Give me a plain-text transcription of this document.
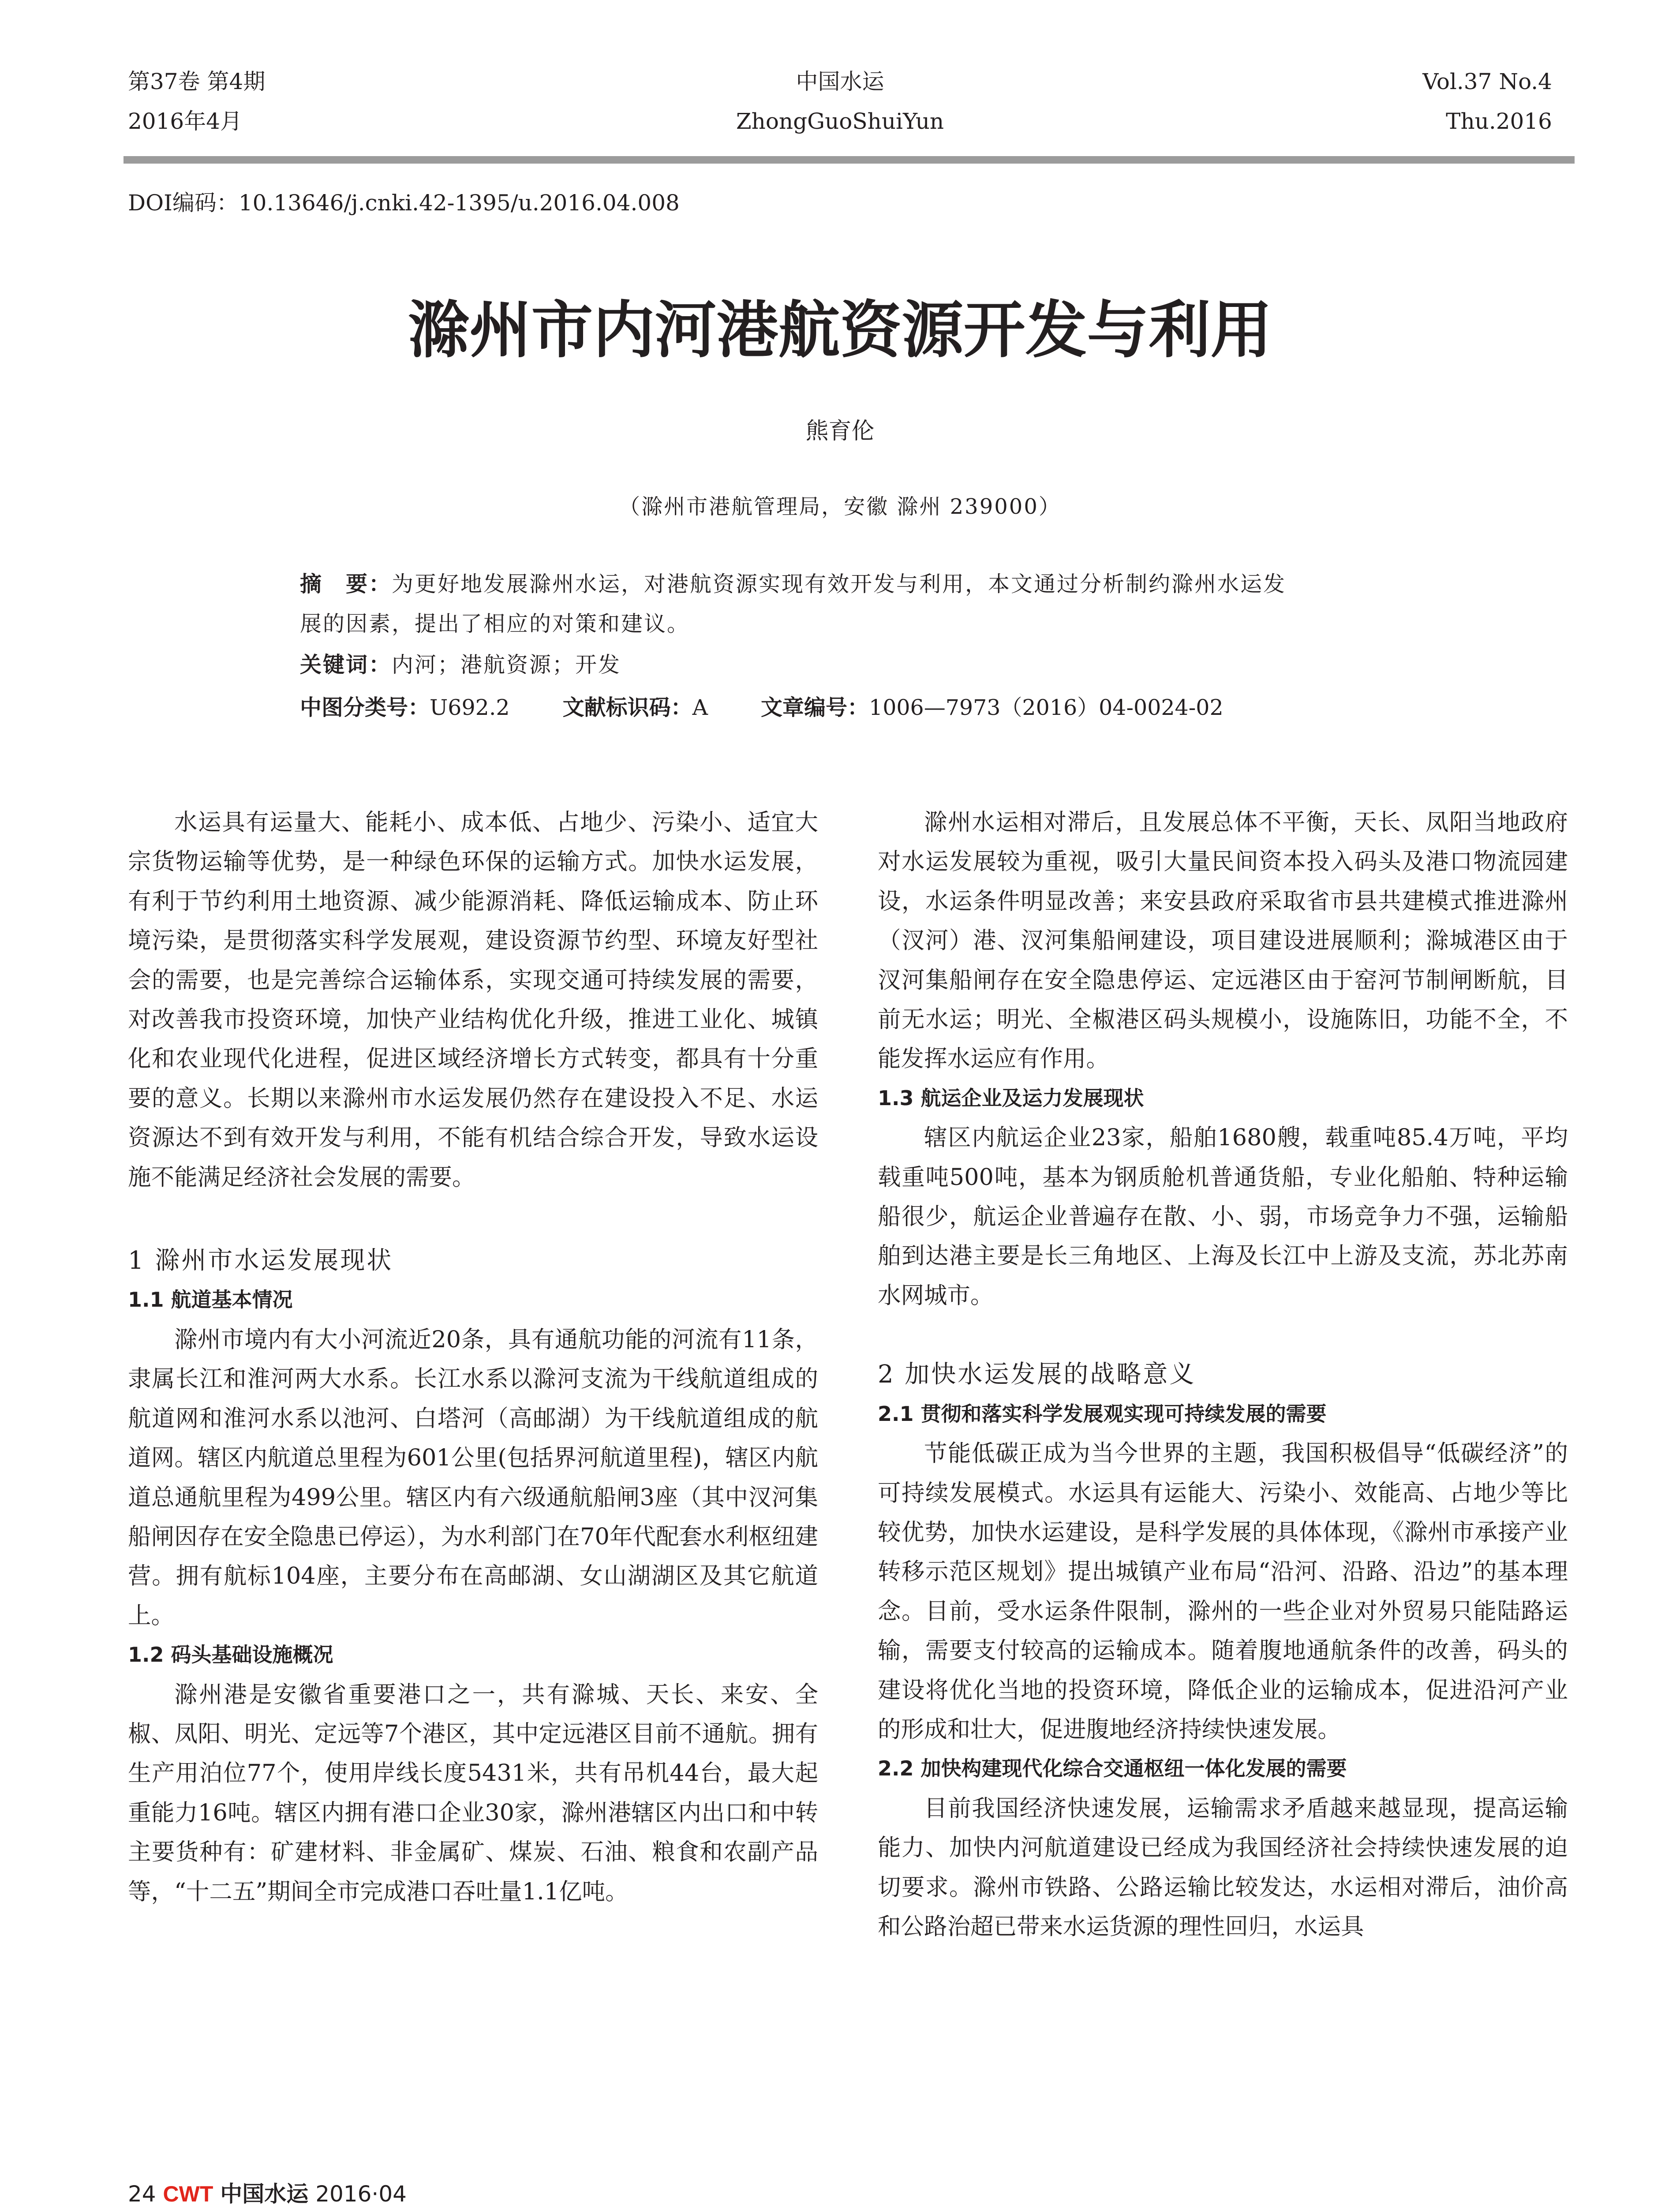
第37卷 第4期
2016年4月
中国水运
ZhongGuoShuiYun
Vol.37 No.4
Thu.2016
DOI编码：10.13646/j.cnki.42-1395/u.2016.04.008
滁州市内河港航资源开发与利用
熊育伦
（滁州市港航管理局，安徽 滁州 239000）
摘　要：为更好地发展滁州水运，对港航资源实现有效开发与利用，本文通过分析制约滁州水运发
展的因素，提出了相应的对策和建议。
关键词：内河；港航资源；开发
中图分类号：U692.2 文献标识码：A 文章编号：1006—7973（2016）04-0024-02

水运具有运量大、能耗小、成本低、占地少、污染小、适宜大宗货物运输等优势，是一种绿色环保的运输方式。加快水运发展，有利于节约利用土地资源、减少能源消耗、降低运输成本、防止环境污染，是贯彻落实科学发展观，建设资源节约型、环境友好型社会的需要，也是完善综合运输体系，实现交通可持续发展的需要，对改善我市投资环境，加快产业结构优化升级，推进工业化、城镇化和农业现代化进程，促进区域经济增长方式转变，都具有十分重要的意义。长期以来滁州市水运发展仍然存在建设投入不足、水运资源达不到有效开发与利用，不能有机结合综合开发，导致水运设施不能满足经济社会发展的需要。

1 滁州市水运发展现状
1.1 航道基本情况

滁州市境内有大小河流近20条，具有通航功能的河流有11条，隶属长江和淮河两大水系。长江水系以滁河支流为干线航道组成的航道网和淮河水系以池河、白塔河（高邮湖）为干线航道组成的航道网。辖区内航道总里程为601公里(包括界河航道里程)，辖区内航道总通航里程为499公里。辖区内有六级通航船闸3座（其中汊河集船闸因存在安全隐患已停运），为水利部门在70年代配套水利枢纽建营。拥有航标104座，主要分布在高邮湖、女山湖湖区及其它航道上。

1.2 码头基础设施概况

滁州港是安徽省重要港口之一，共有滁城、天长、来安、全椒、凤阳、明光、定远等7个港区，其中定远港区目前不通航。拥有生产用泊位77个，使用岸线长度5431米，共有吊机44台，最大起重能力16吨。辖区内拥有港口企业30家，滁州港辖区内出口和中转主要货种有：矿建材料、非金属矿、煤炭、石油、粮食和农副产品等，“十二五”期间全市完成港口吞吐量1.1亿吨。

滁州水运相对滞后，且发展总体不平衡，天长、凤阳当地政府对水运发展较为重视，吸引大量民间资本投入码头及港口物流园建设，水运条件明显改善；来安县政府采取省市县共建模式推进滁州（汊河）港、汊河集船闸建设，项目建设进展顺利；滁城港区由于汊河集船闸存在安全隐患停运、定远港区由于窑河节制闸断航，目前无水运；明光、全椒港区码头规模小，设施陈旧，功能不全，不能发挥水运应有作用。

1.3 航运企业及运力发展现状

辖区内航运企业23家，船舶1680艘，载重吨85.4万吨，平均载重吨500吨，基本为钢质舱机普通货船，专业化船舶、特种运输船很少，航运企业普遍存在散、小、弱，市场竞争力不强，运输船舶到达港主要是长三角地区、上海及长江中上游及支流，苏北苏南水网城市。

2 加快水运发展的战略意义
2.1 贯彻和落实科学发展观实现可持续发展的需要

节能低碳正成为当今世界的主题，我国积极倡导“低碳经济”的可持续发展模式。水运具有运能大、污染小、效能高、占地少等比较优势，加快水运建设，是科学发展的具体体现，《滁州市承接产业转移示范区规划》提出城镇产业布局“沿河、沿路、沿边”的基本理念。目前，受水运条件限制，滁州的一些企业对外贸易只能陆路运输，需要支付较高的运输成本。随着腹地通航条件的改善，码头的建设将优化当地的投资环境，降低企业的运输成本，促进沿河产业的形成和壮大，促进腹地经济持续快速发展。

2.2 加快构建现代化综合交通枢纽一体化发展的需要

目前我国经济快速发展，运输需求矛盾越来越显现，提高运输能力、加快内河航道建设已经成为我国经济社会持续快速发展的迫切要求。滁州市铁路、公路运输比较发达，水运相对滞后，油价高和公路治超已带来水运货源的理性回归，水运具

24 CWT 中国水运 2016·04
